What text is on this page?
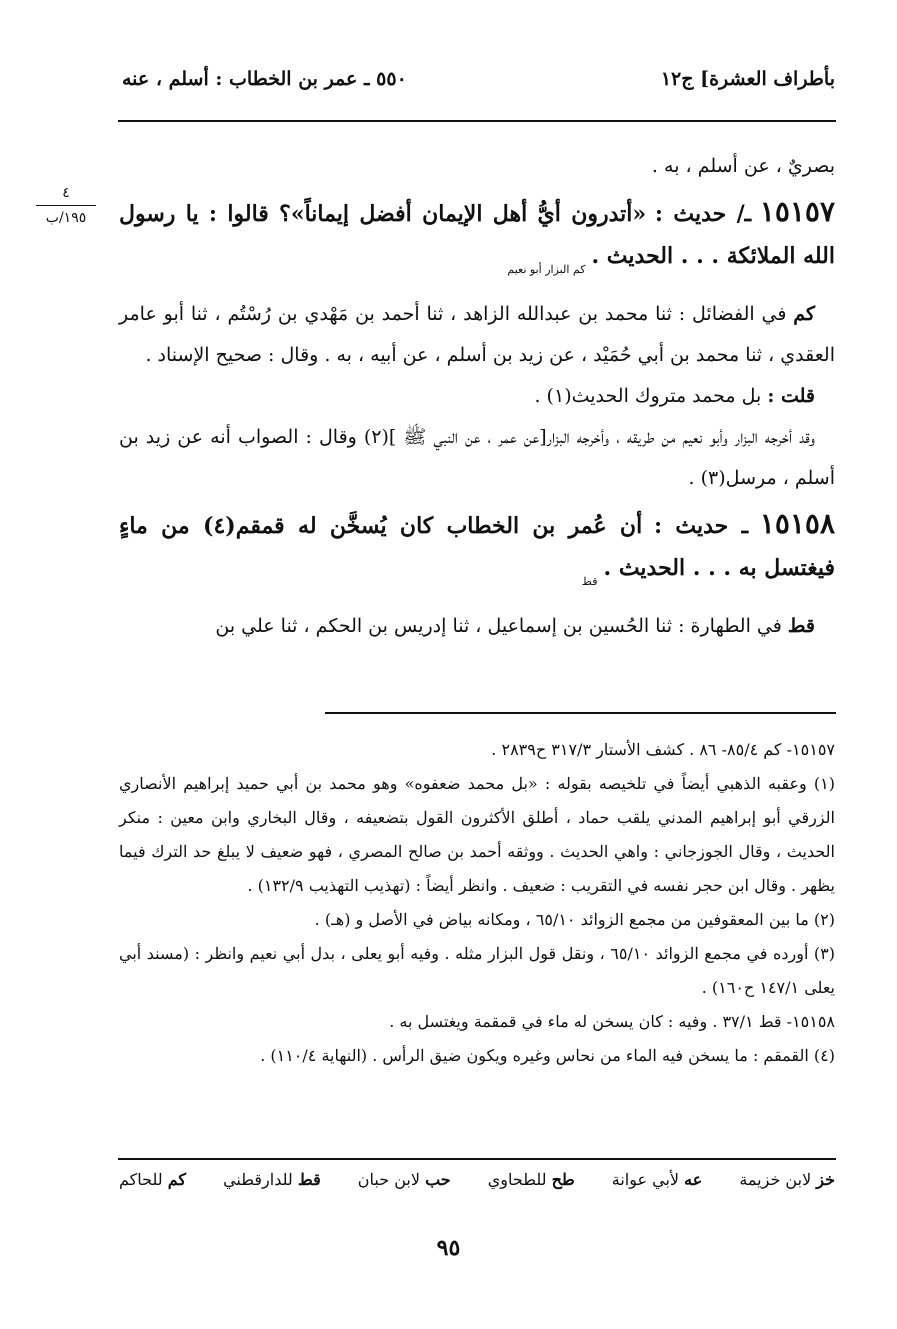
بأطراف العشرة] ج١٢
٥٥٠ ـ عمر بن الخطاب : أسلم ، عنه
٤
١٩٥/ب

بصريٌ ، عن أسلم ، به .

١٥١٥٧ ـ/ حديث : «أتدرون أيُّ أهل الإيمان أفضل إيماناً»؟ قالوا : يا رسول الله الملائكة . . . الحديث . كم البزار أبو نعيم

كم في الفضائل : ثنا محمد بن عبدالله الزاهد ، ثنا أحمد بن مَهْدي بن رُسْتُم ، ثنا أبو عامر العقدي ، ثنا محمد بن أبي حُمَيْد ، عن زيد بن أسلم ، عن أبيه ، به . وقال : صحيح الإسناد .

قلت : بل محمد متروك الحديث(١) .

وقد أخرجه البزار وأبو نعيم من طريقه ، وأخرجه البزار[عن عمر ، عن النبي ﷺ ](٢) وقال : الصواب أنه عن زيد بن أسلم ، مرسل(٣) .

١٥١٥٨ ـ حديث : أن عُمر بن الخطاب كان يُسخَّن له قمقم(٤) من ماءٍ فيغتسل به . . . الحديث . قط

قط في الطهارة : ثنا الحُسين بن إسماعيل ، ثنا إدريس بن الحكم ، ثنا علي بن

١٥١٥٧- كم ٨٥/٤- ٨٦ . كشف الأستار ٣١٧/٣ ح٢٨٣٩ .

(١) وعقبه الذهبي أيضاً في تلخيصه بقوله : «بل محمد ضعفوه» وهو محمد بن أبي حميد إبراهيم الأنصاري الزرقي أبو إبراهيم المدني يلقب حماد ، أطلق الأكثرون القول بتضعيفه ، وقال البخاري وابن معين : منكر الحديث ، وقال الجوزجاني : واهي الحديث . ووثقه أحمد بن صالح المصري ، فهو ضعيف لا يبلغ حد الترك فيما يظهر . وقال ابن حجر نفسه في التقريب : ضعيف . وانظر أيضاً : (تهذيب التهذيب ١٣٢/٩) .

(٢) ما بين المعقوفين من مجمع الزوائد ٦٥/١٠ ، ومكانه بياض في الأصل و (هـ) .

(٣) أورده في مجمع الزوائد ٦٥/١٠ ، ونقل قول البزار مثله . وفيه أبو يعلى ، بدل أبي نعيم وانظر : (مسند أبي يعلى ١٤٧/١ ح١٦٠) .

١٥١٥٨- قط ٣٧/١ . وفيه : كان يسخن له ماء في قمقمة ويغتسل به .

(٤) القمقم : ما يسخن فيه الماء من نحاس وغيره ويكون ضيق الرأس . (النهاية ١١٠/٤) .

خز لابن خزيمة
عه لأبي عوانة
طح للطحاوي
حب لابن حبان
قط للدارقطني
كم للحاكم
٩٥
